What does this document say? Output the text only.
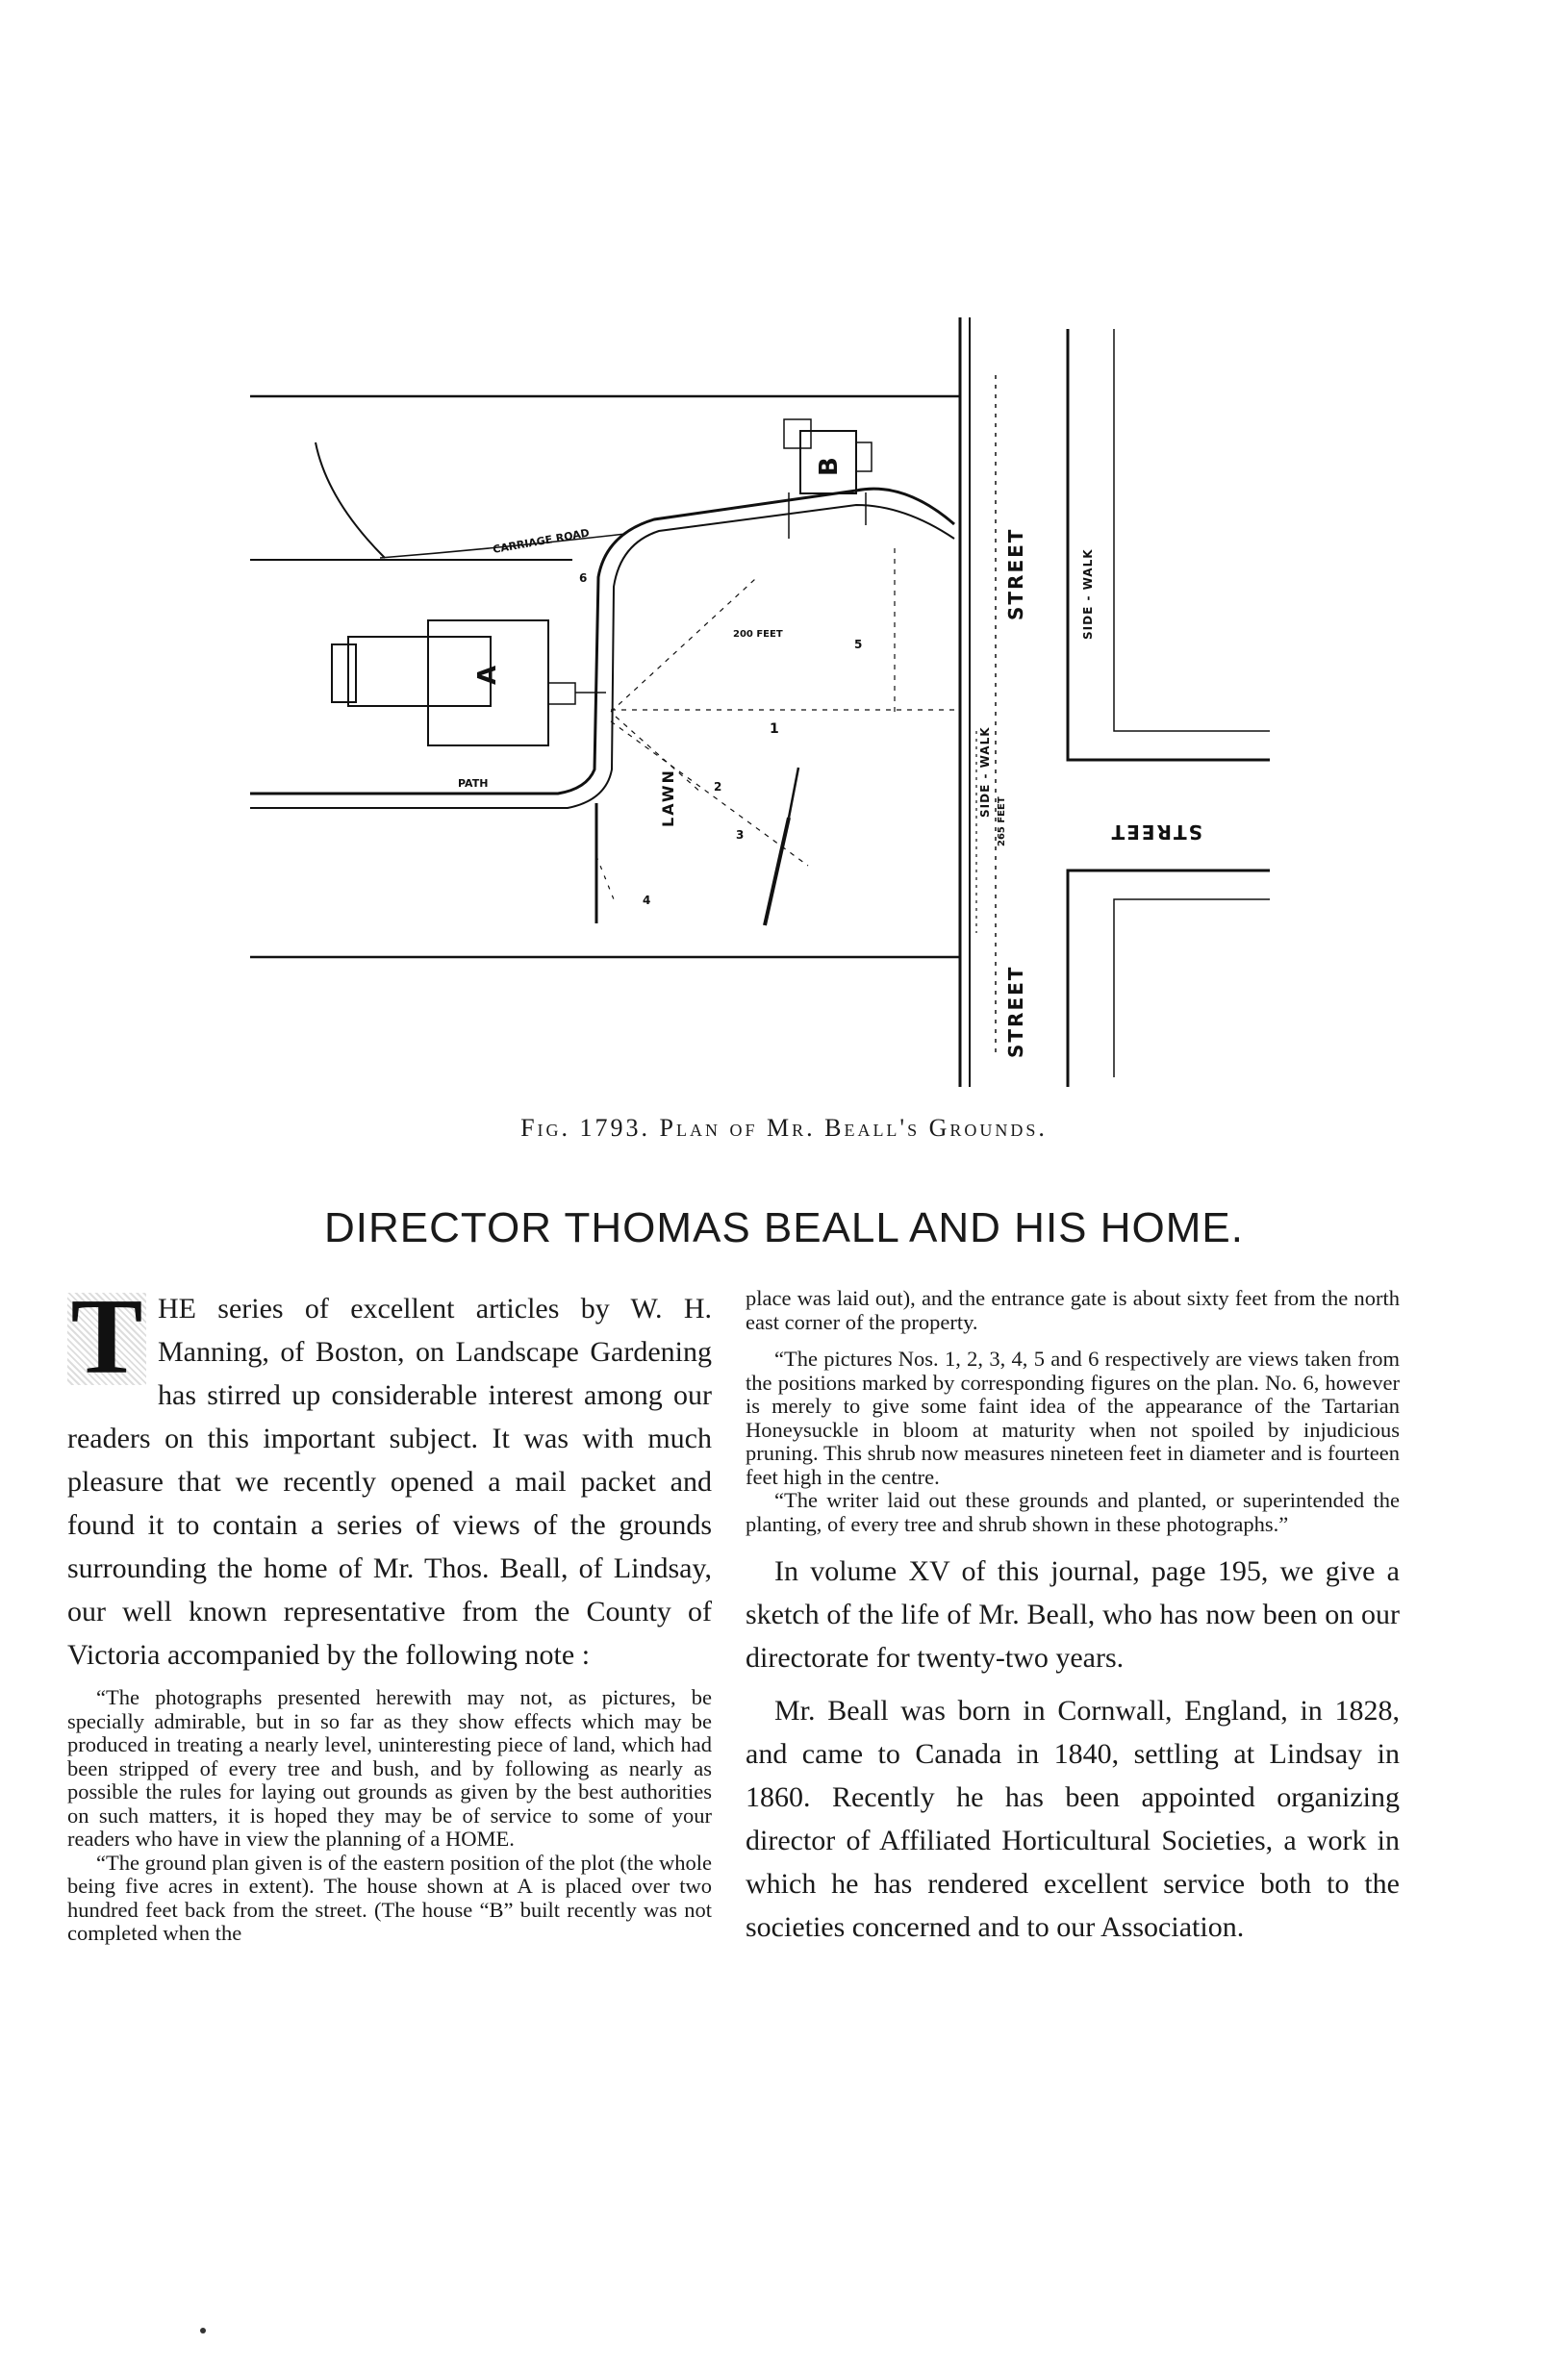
STREET
STREET
STREET
SIDE - WALK
SIDE - WALK
CARRIAGE ROAD
200 FEET
265 FEET
LAWN
PATH
A
B
1
2
3
4
5
6
Fig. 1793. Plan of Mr. Beall's Grounds.
DIRECTOR THOMAS BEALL AND HIS HOME.
T HE series of excellent articles by W. H. Manning, of Boston, on Landscape Gardening has stirred up considerable interest among our readers on this important subject. It was with much pleasure that we recently opened a mail packet and found it to contain a series of views of the grounds surrounding the home of Mr. Thos. Beall, of Lindsay, our well known representative from the County of Victoria accompanied by the following note :

“The photographs presented herewith may not, as pictures, be specially admirable, but in so far as they show effects which may be produced in treating a nearly level, uninteresting piece of land, which had been stripped of every tree and bush, and by following as nearly as possible the rules for laying out grounds as given by the best authorities on such matters, it is hoped they may be of service to some of your readers who have in view the planning of a HOME.

“The ground plan given is of the eastern position of the plot (the whole being five acres in extent). The house shown at A is placed over two hundred feet back from the street. (The house “B” built recently was not completed when the

place was laid out), and the entrance gate is about sixty feet from the north east corner of the property.

“The pictures Nos. 1, 2, 3, 4, 5 and 6 respectively are views taken from the positions marked by corresponding figures on the plan. No. 6, however is merely to give some faint idea of the appearance of the Tartarian Honeysuckle in bloom at maturity when not spoiled by injudicious pruning. This shrub now measures nineteen feet in diameter and is fourteen feet high in the centre.

“The writer laid out these grounds and planted, or superintended the planting, of every tree and shrub shown in these photographs.”

In volume XV of this journal, page 195, we give a sketch of the life of Mr. Beall, who has now been on our directorate for twenty-two years.

Mr. Beall was born in Cornwall, England, in 1828, and came to Canada in 1840, settling at Lindsay in 1860. Recently he has been appointed organizing director of Affiliated Horticultural Societies, a work in which he has rendered excellent service both to the societies concerned and to our Association.
